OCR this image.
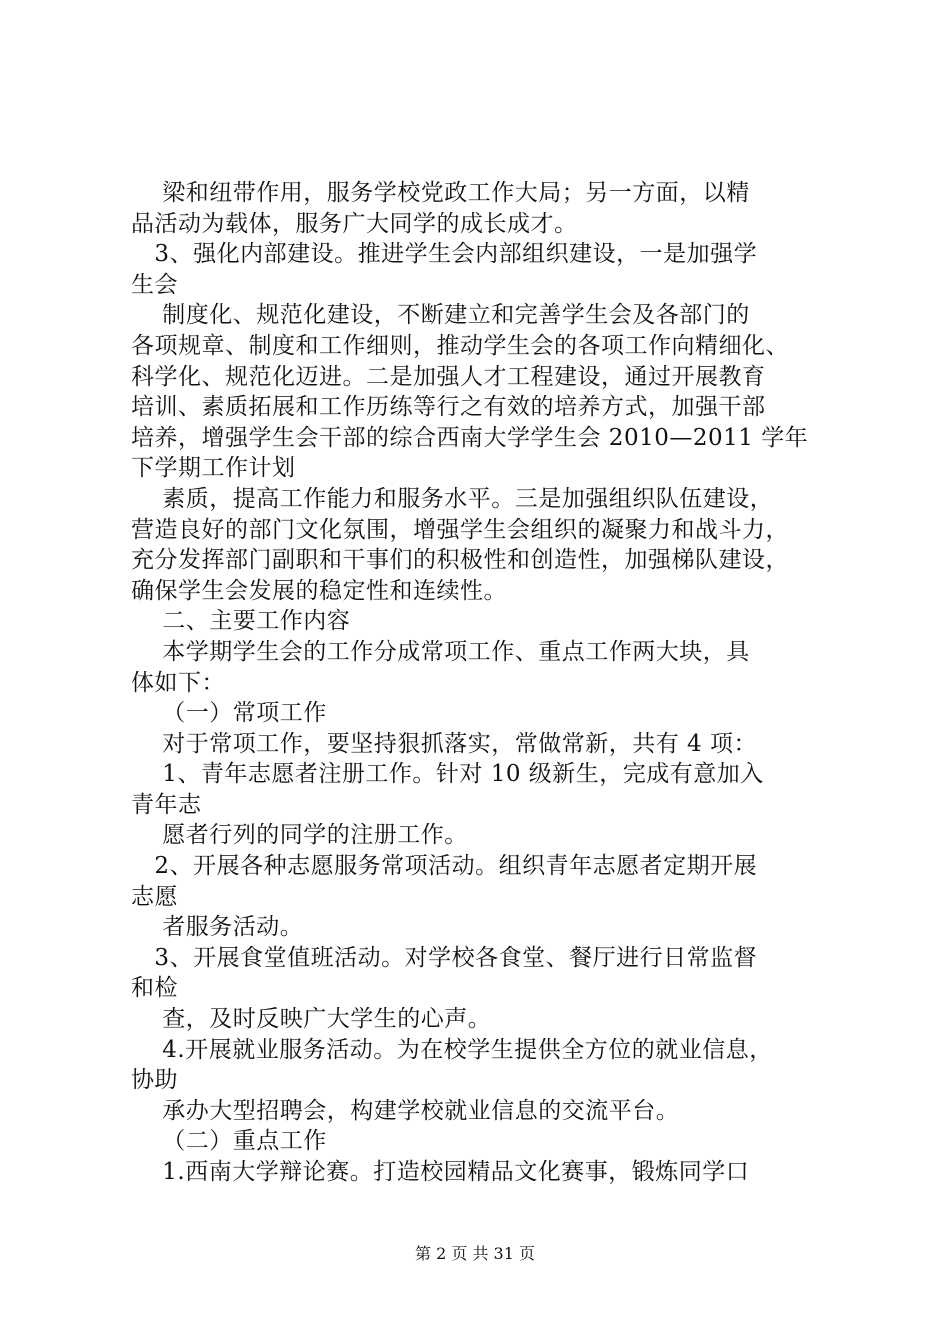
梁和纽带作用，服务学校党政工作大局；另一方面，以精
品活动为载体，服务广大同学的成长成才。
3、强化内部建设。推进学生会内部组织建设，一是加强学
生会
制度化、规范化建设，不断建立和完善学生会及各部门的
各项规章、制度和工作细则，推动学生会的各项工作向精细化、
科学化、规范化迈进。二是加强人才工程建设，通过开展教育
培训、素质拓展和工作历练等行之有效的培养方式，加强干部
培养，增强学生会干部的综合西南大学学生会 2010—2011 学年
下学期工作计划
素质，提高工作能力和服务水平。三是加强组织队伍建设，
营造良好的部门文化氛围，增强学生会组织的凝聚力和战斗力，
充分发挥部门副职和干事们的积极性和创造性，加强梯队建设，
确保学生会发展的稳定性和连续性。
二、主要工作内容
本学期学生会的工作分成常项工作、重点工作两大块，具
体如下：
（一）常项工作
对于常项工作，要坚持狠抓落实，常做常新，共有 4 项：
1、青年志愿者注册工作。针对 10 级新生，完成有意加入
青年志
愿者行列的同学的注册工作。
2、开展各种志愿服务常项活动。组织青年志愿者定期开展
志愿
者服务活动。
3、开展食堂值班活动。对学校各食堂、餐厅进行日常监督
和检
查，及时反映广大学生的心声。
4.开展就业服务活动。为在校学生提供全方位的就业信息，
协助
承办大型招聘会，构建学校就业信息的交流平台。
（二）重点工作
1.西南大学辩论赛。打造校园精品文化赛事，锻炼同学口
第 2 页 共 31 页
